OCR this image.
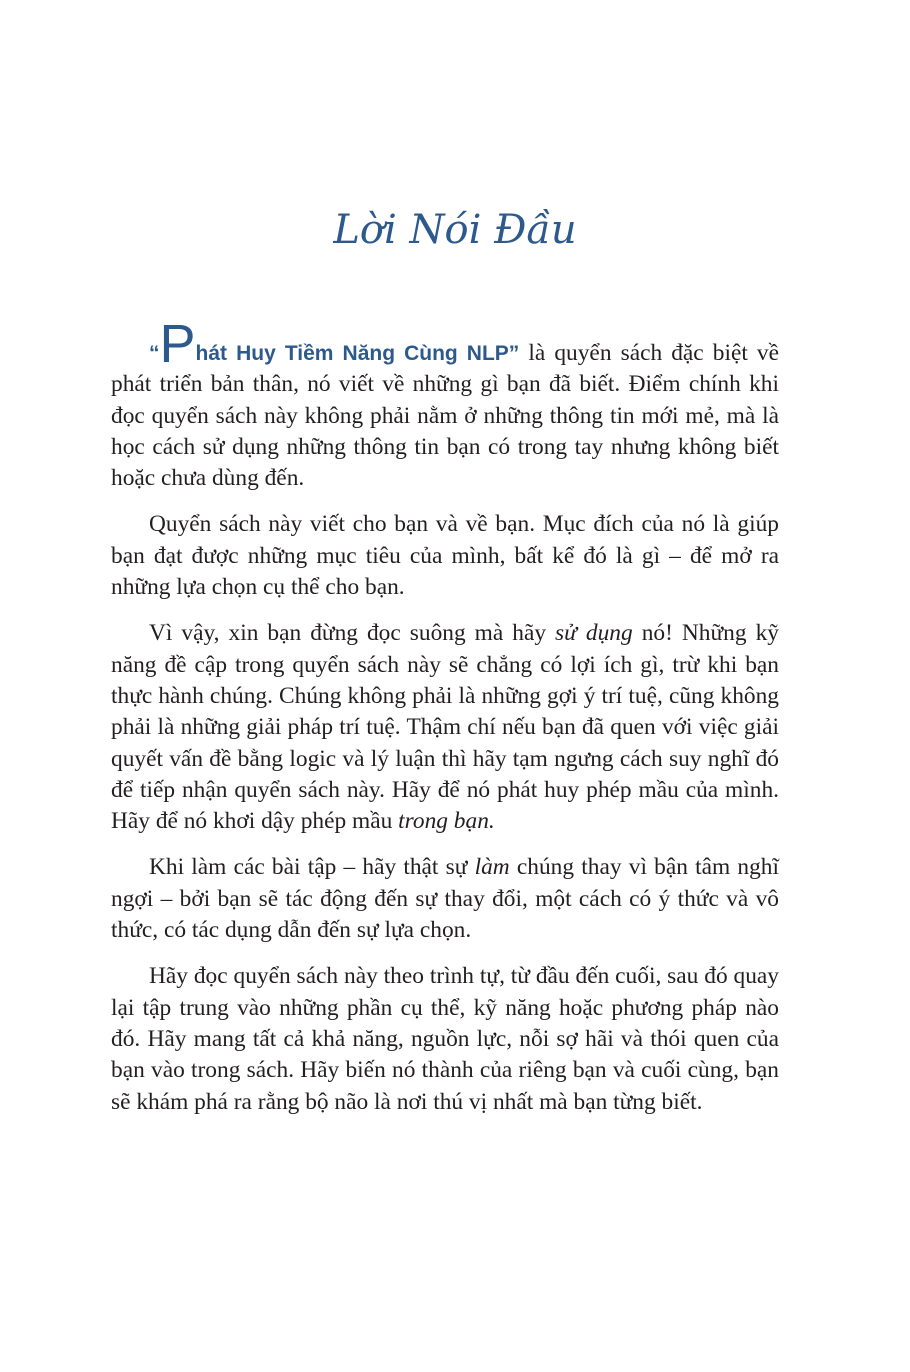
Lời Nói Đầu

“Phát Huy Tiềm Năng Cùng NLP” là quyển sách đặc biệt về phát triển bản thân, nó viết về những gì bạn đã biết. Điểm chính khi đọc quyển sách này không phải nằm ở những thông tin mới mẻ, mà là học cách sử dụng những thông tin bạn có trong tay nhưng không biết hoặc chưa dùng đến.

Quyển sách này viết cho bạn và về bạn. Mục đích của nó là giúp bạn đạt được những mục tiêu của mình, bất kể đó là gì – để mở ra những lựa chọn cụ thể cho bạn.

Vì vậy, xin bạn đừng đọc suông mà hãy sử dụng nó! Những kỹ năng đề cập trong quyển sách này sẽ chẳng có lợi ích gì, trừ khi bạn thực hành chúng. Chúng không phải là những gợi ý trí tuệ, cũng không phải là những giải pháp trí tuệ. Thậm chí nếu bạn đã quen với việc giải quyết vấn đề bằng logic và lý luận thì hãy tạm ngưng cách suy nghĩ đó để tiếp nhận quyển sách này. Hãy để nó phát huy phép mầu của mình. Hãy để nó khơi dậy phép mầu trong bạn.

Khi làm các bài tập – hãy thật sự làm chúng thay vì bận tâm nghĩ ngợi – bởi bạn sẽ tác động đến sự thay đổi, một cách có ý thức và vô thức, có tác dụng dẫn đến sự lựa chọn.

Hãy đọc quyển sách này theo trình tự, từ đầu đến cuối, sau đó quay lại tập trung vào những phần cụ thể, kỹ năng hoặc phương pháp nào đó. Hãy mang tất cả khả năng, nguồn lực, nỗi sợ hãi và thói quen của bạn vào trong sách. Hãy biến nó thành của riêng bạn và cuối cùng, bạn sẽ khám phá ra rằng bộ não là nơi thú vị nhất mà bạn từng biết.
